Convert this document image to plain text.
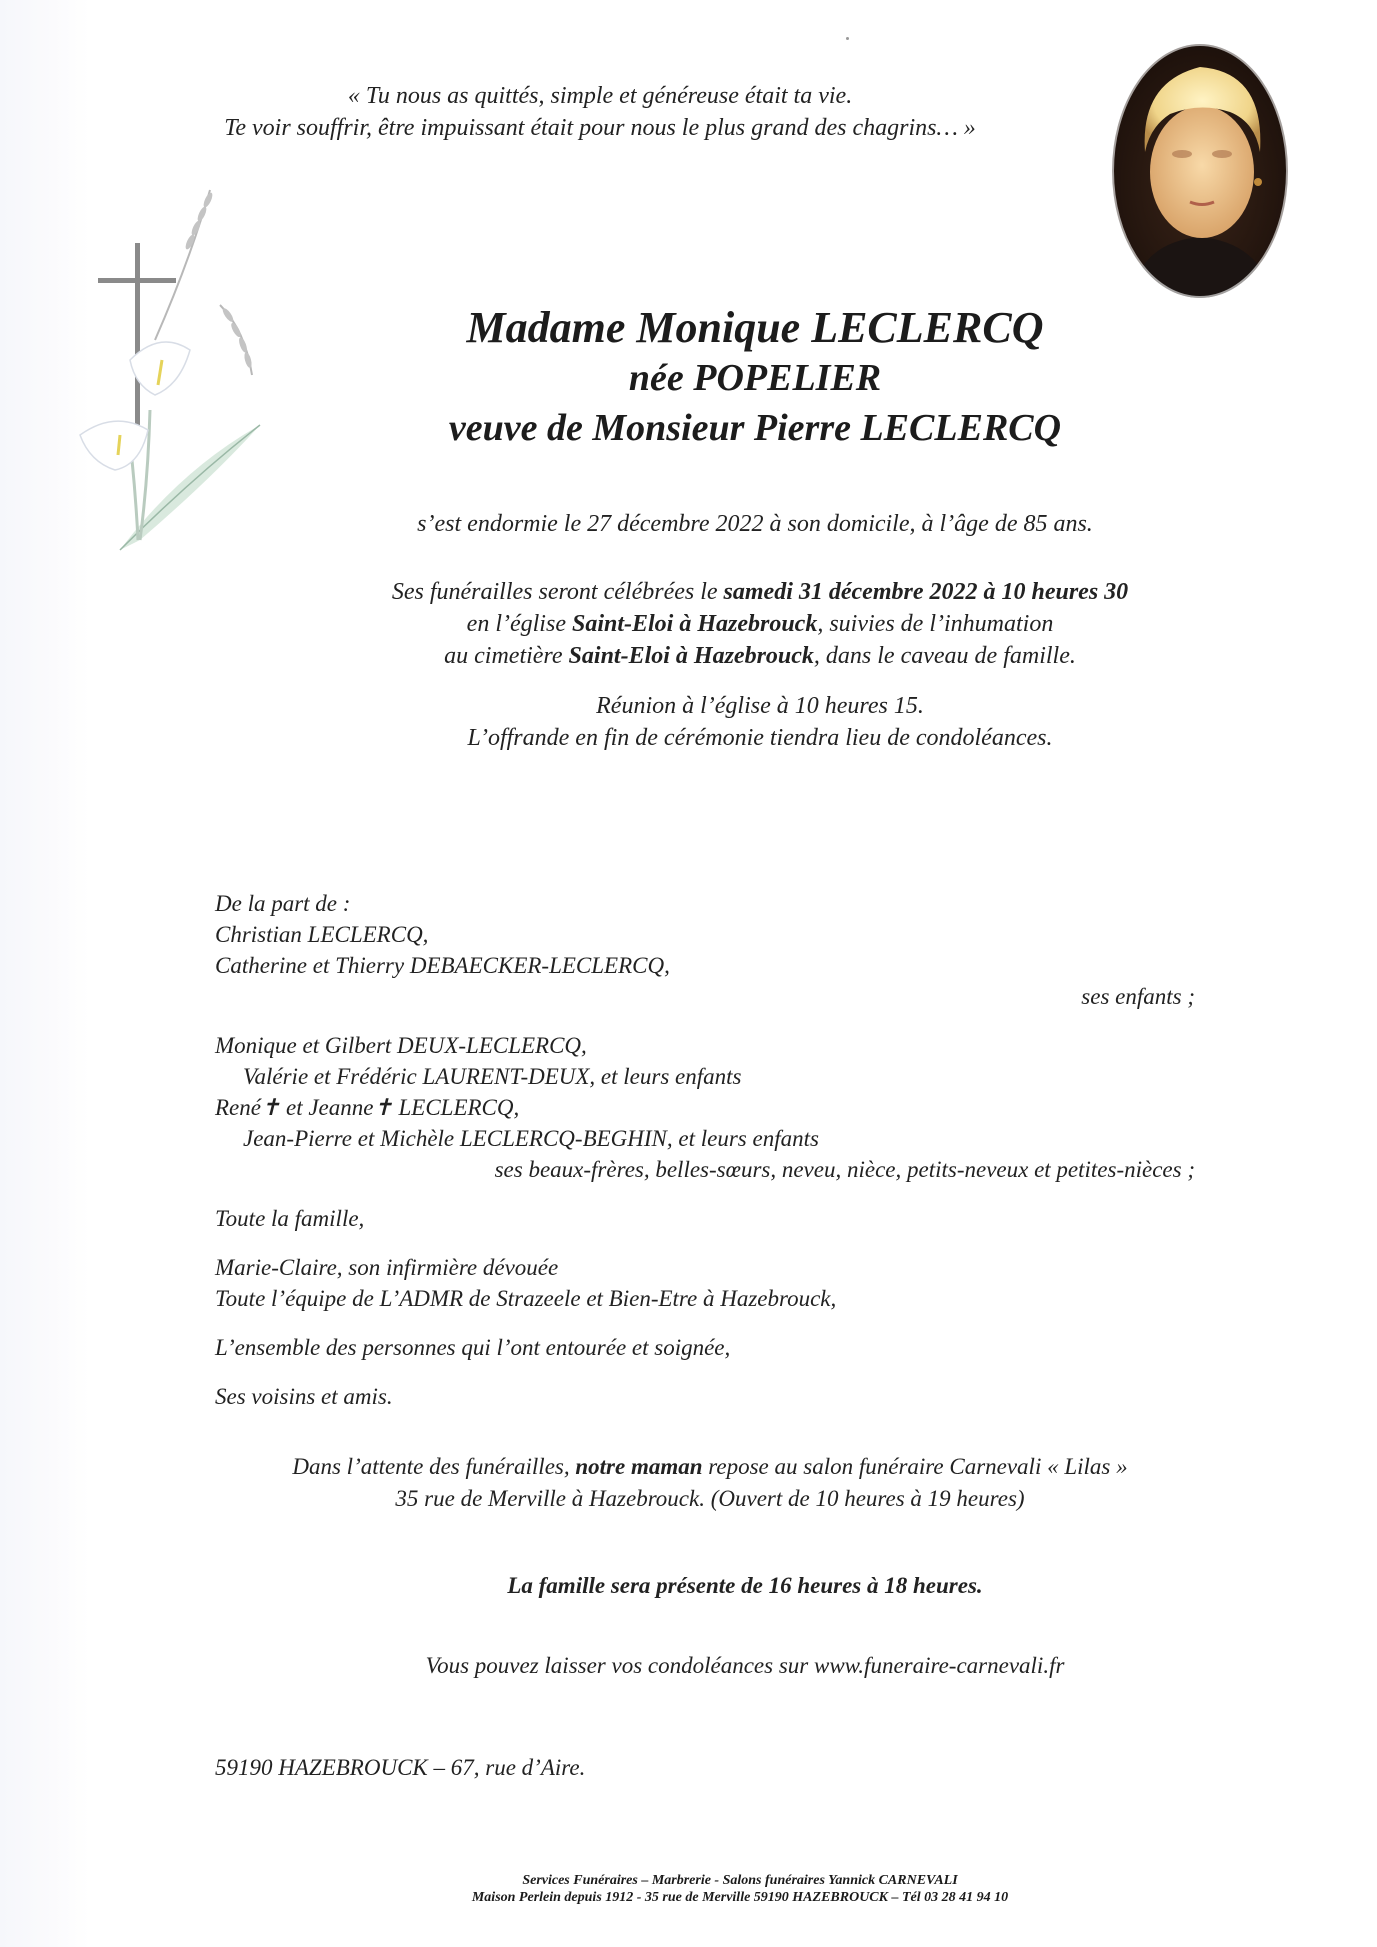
« Tu nous as quittés, simple et généreuse était ta vie.
Te voir souffrir, être impuissant était pour nous le plus grand des chagrins… »
Madame Monique LECLERCQ
née POPELIER
veuve de Monsieur Pierre LECLERCQ
s’est endormie le 27 décembre 2022 à son domicile, à l’âge de 85 ans.
Ses funérailles seront célébrées le samedi 31 décembre 2022 à 10 heures 30
en l’église Saint-Eloi à Hazebrouck, suivies de l’inhumation
au cimetière Saint-Eloi à Hazebrouck, dans le caveau de famille.
Réunion à l’église à 10 heures 15.
L’offrande en fin de cérémonie tiendra lieu de condoléances.
De la part de :
Christian LECLERCQ,
Catherine et Thierry DEBAECKER-LECLERCQ,
ses enfants ;
Monique et Gilbert DEUX-LECLERCQ,
Valérie et Frédéric LAURENT-DEUX, et leurs enfants
René✝ et Jeanne✝ LECLERCQ,
Jean-Pierre et Michèle LECLERCQ-BEGHIN, et leurs enfants
ses beaux-frères, belles-sœurs, neveu, nièce, petits-neveux et petites-nièces ;
Toute la famille,
Marie-Claire, son infirmière dévouée
Toute l’équipe de L’ADMR de Strazeele et Bien-Etre à Hazebrouck,
L’ensemble des personnes qui l’ont entourée et soignée,
Ses voisins et amis.
Dans l’attente des funérailles, notre maman repose au salon funéraire Carnevali « Lilas »
35 rue de Merville à Hazebrouck. (Ouvert de 10 heures à 19 heures)
La famille sera présente de 16 heures à 18 heures.
Vous pouvez laisser vos condoléances sur www.funeraire-carnevali.fr
59190 HAZEBROUCK – 67, rue d’Aire.
Services Funéraires – Marbrerie - Salons funéraires Yannick CARNEVALI
Maison Perlein depuis 1912 - 35 rue de Merville 59190 HAZEBROUCK – Tél 03 28 41 94 10
